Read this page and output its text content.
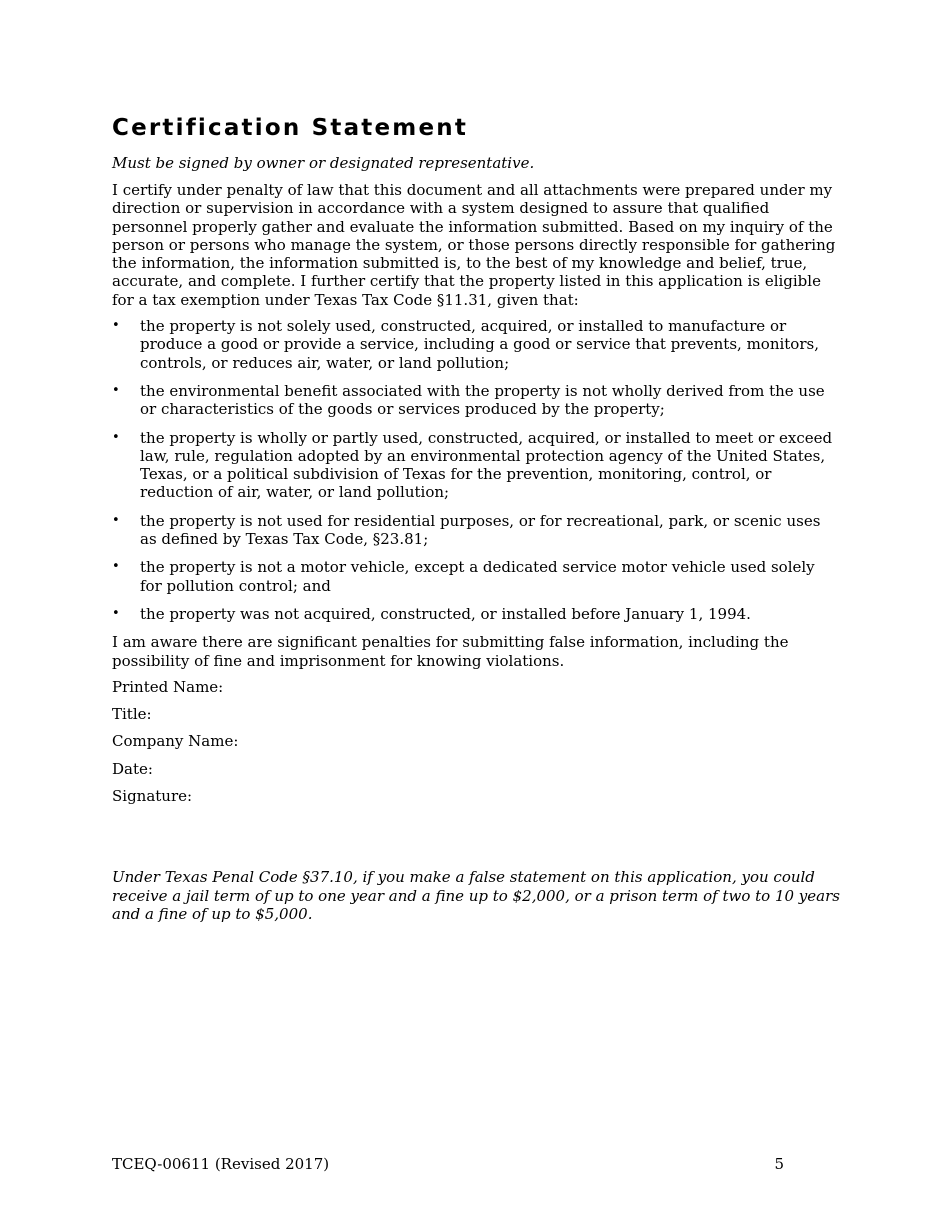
Certification Statement

Must be signed by owner or designated representative.

I certify under penalty of law that this document and all attachments were prepared under my direction or supervision in accordance with a system designed to assure that qualified personnel properly gather and evaluate the information submitted. Based on my inquiry of the person or persons who manage the system, or those persons directly responsible for gathering the information, the information submitted is, to the best of my knowledge and belief, true, accurate, and complete. I further certify that the property listed in this application is eligible for a tax exemption under Texas Tax Code §11.31, given that:

•	the property is not solely used, constructed, acquired, or installed to manufacture or produce a good or provide a service, including a good or service that prevents, monitors, controls, or reduces air, water, or land pollution;
•	the environmental benefit associated with the property is not wholly derived from the use or characteristics of the goods or services produced by the property;
•	the property is wholly or partly used, constructed, acquired, or installed to meet or exceed law, rule, regulation adopted by an environmental protection agency of the United States, Texas, or a political subdivision of Texas for the prevention, monitoring, control, or reduction of air, water, or land pollution;
•	the property is not used for residential purposes, or for recreational, park, or scenic uses as defined by Texas Tax Code, §23.81;
•	the property is not a motor vehicle, except a dedicated service motor vehicle used solely for pollution control; and
•	the property was not acquired, constructed, or installed before January 1, 1994.

I am aware there are significant penalties for submitting false information, including the possibility of fine and imprisonment for knowing violations.

Printed Name:
Title:
Company Name:
Date:
Signature:

Under Texas Penal Code §37.10, if you make a false statement on this application, you could receive a jail term of up to one year and a fine up to $2,000, or a prison term of two to 10 years and a fine of up to $5,000.

TCEQ-00611 (Revised 2017)	5
